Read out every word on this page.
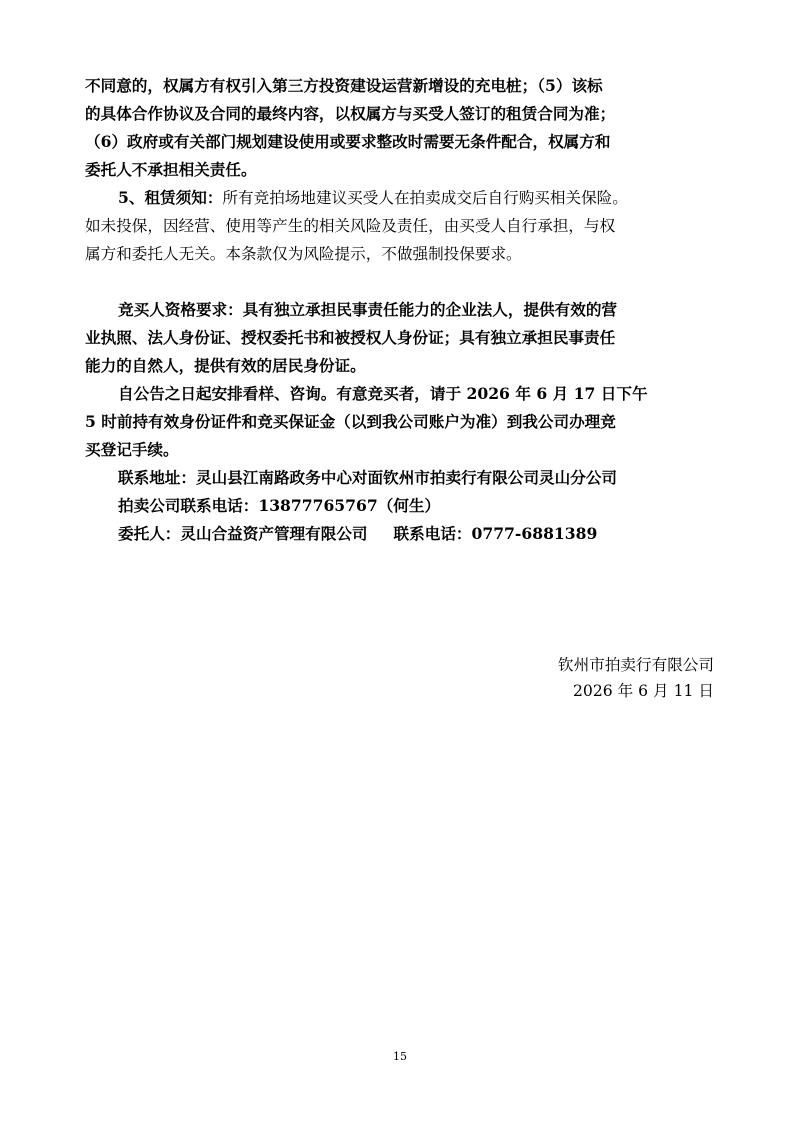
不同意的，权属方有权引入第三方投资建设运营新增设的充电桩；（5）该标
的具体合作协议及合同的最终内容，以权属方与买受人签订的租赁合同为准；
（6）政府或有关部门规划建设使用或要求整改时需要无条件配合，权属方和
委托人不承担相关责任。
5、租赁须知：所有竞拍场地建议买受人在拍卖成交后自行购买相关保险。
如未投保，因经营、使用等产生的相关风险及责任，由买受人自行承担，与权
属方和委托人无关。本条款仅为风险提示，不做强制投保要求。
竞买人资格要求：具有独立承担民事责任能力的企业法人，提供有效的营
业执照、法人身份证、授权委托书和被授权人身份证；具有独立承担民事责任
能力的自然人，提供有效的居民身份证。
自公告之日起安排看样、咨询。有意竞买者，请于 2026 年 6 月 17 日下午
5 时前持有效身份证件和竞买保证金（以到我公司账户为准）到我公司办理竞
买登记手续。
联系地址：灵山县江南路政务中心对面钦州市拍卖行有限公司灵山分公司
拍卖公司联系电话：13877765767（何生）
委托人：灵山合益资产管理有限公司 联系电话：0777-6881389
钦州市拍卖行有限公司
2026 年 6 月 11 日
15
